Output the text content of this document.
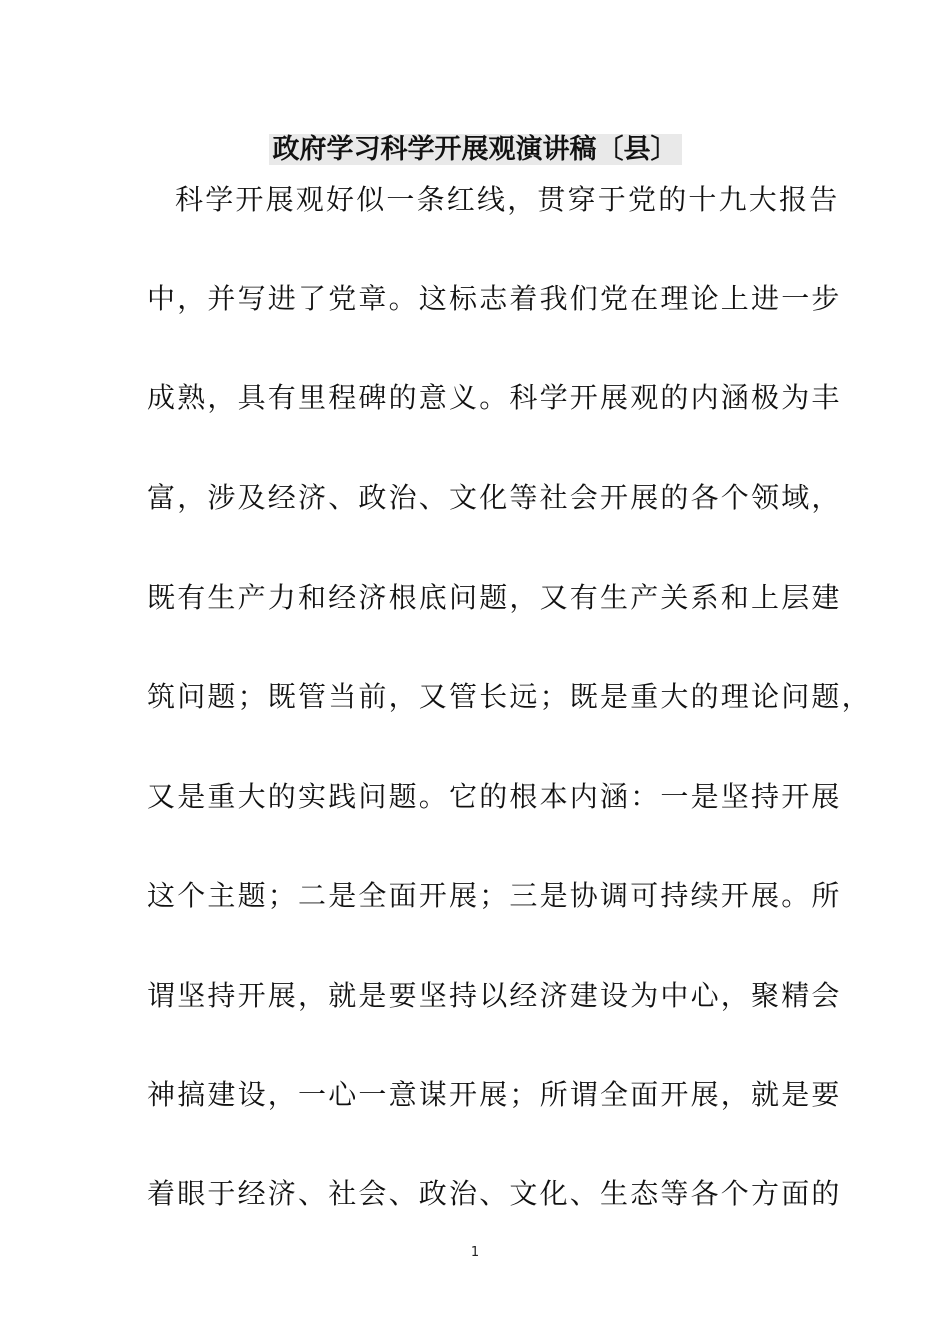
政府学习科学开展观演讲稿〔县〕
科学开展观好似一条红线，贯穿于党的十九大报告
中，并写进了党章。这标志着我们党在理论上进一步
成熟，具有里程碑的意义。科学开展观的内涵极为丰
富，涉及经济、政治、文化等社会开展的各个领域，
既有生产力和经济根底问题，又有生产关系和上层建
筑问题；既管当前，又管长远；既是重大的理论问题，
又是重大的实践问题。它的根本内涵：一是坚持开展
这个主题；二是全面开展；三是协调可持续开展。所
谓坚持开展，就是要坚持以经济建设为中心，聚精会
神搞建设，一心一意谋开展；所谓全面开展，就是要
着眼于经济、社会、政治、文化、生态等各个方面的
1
